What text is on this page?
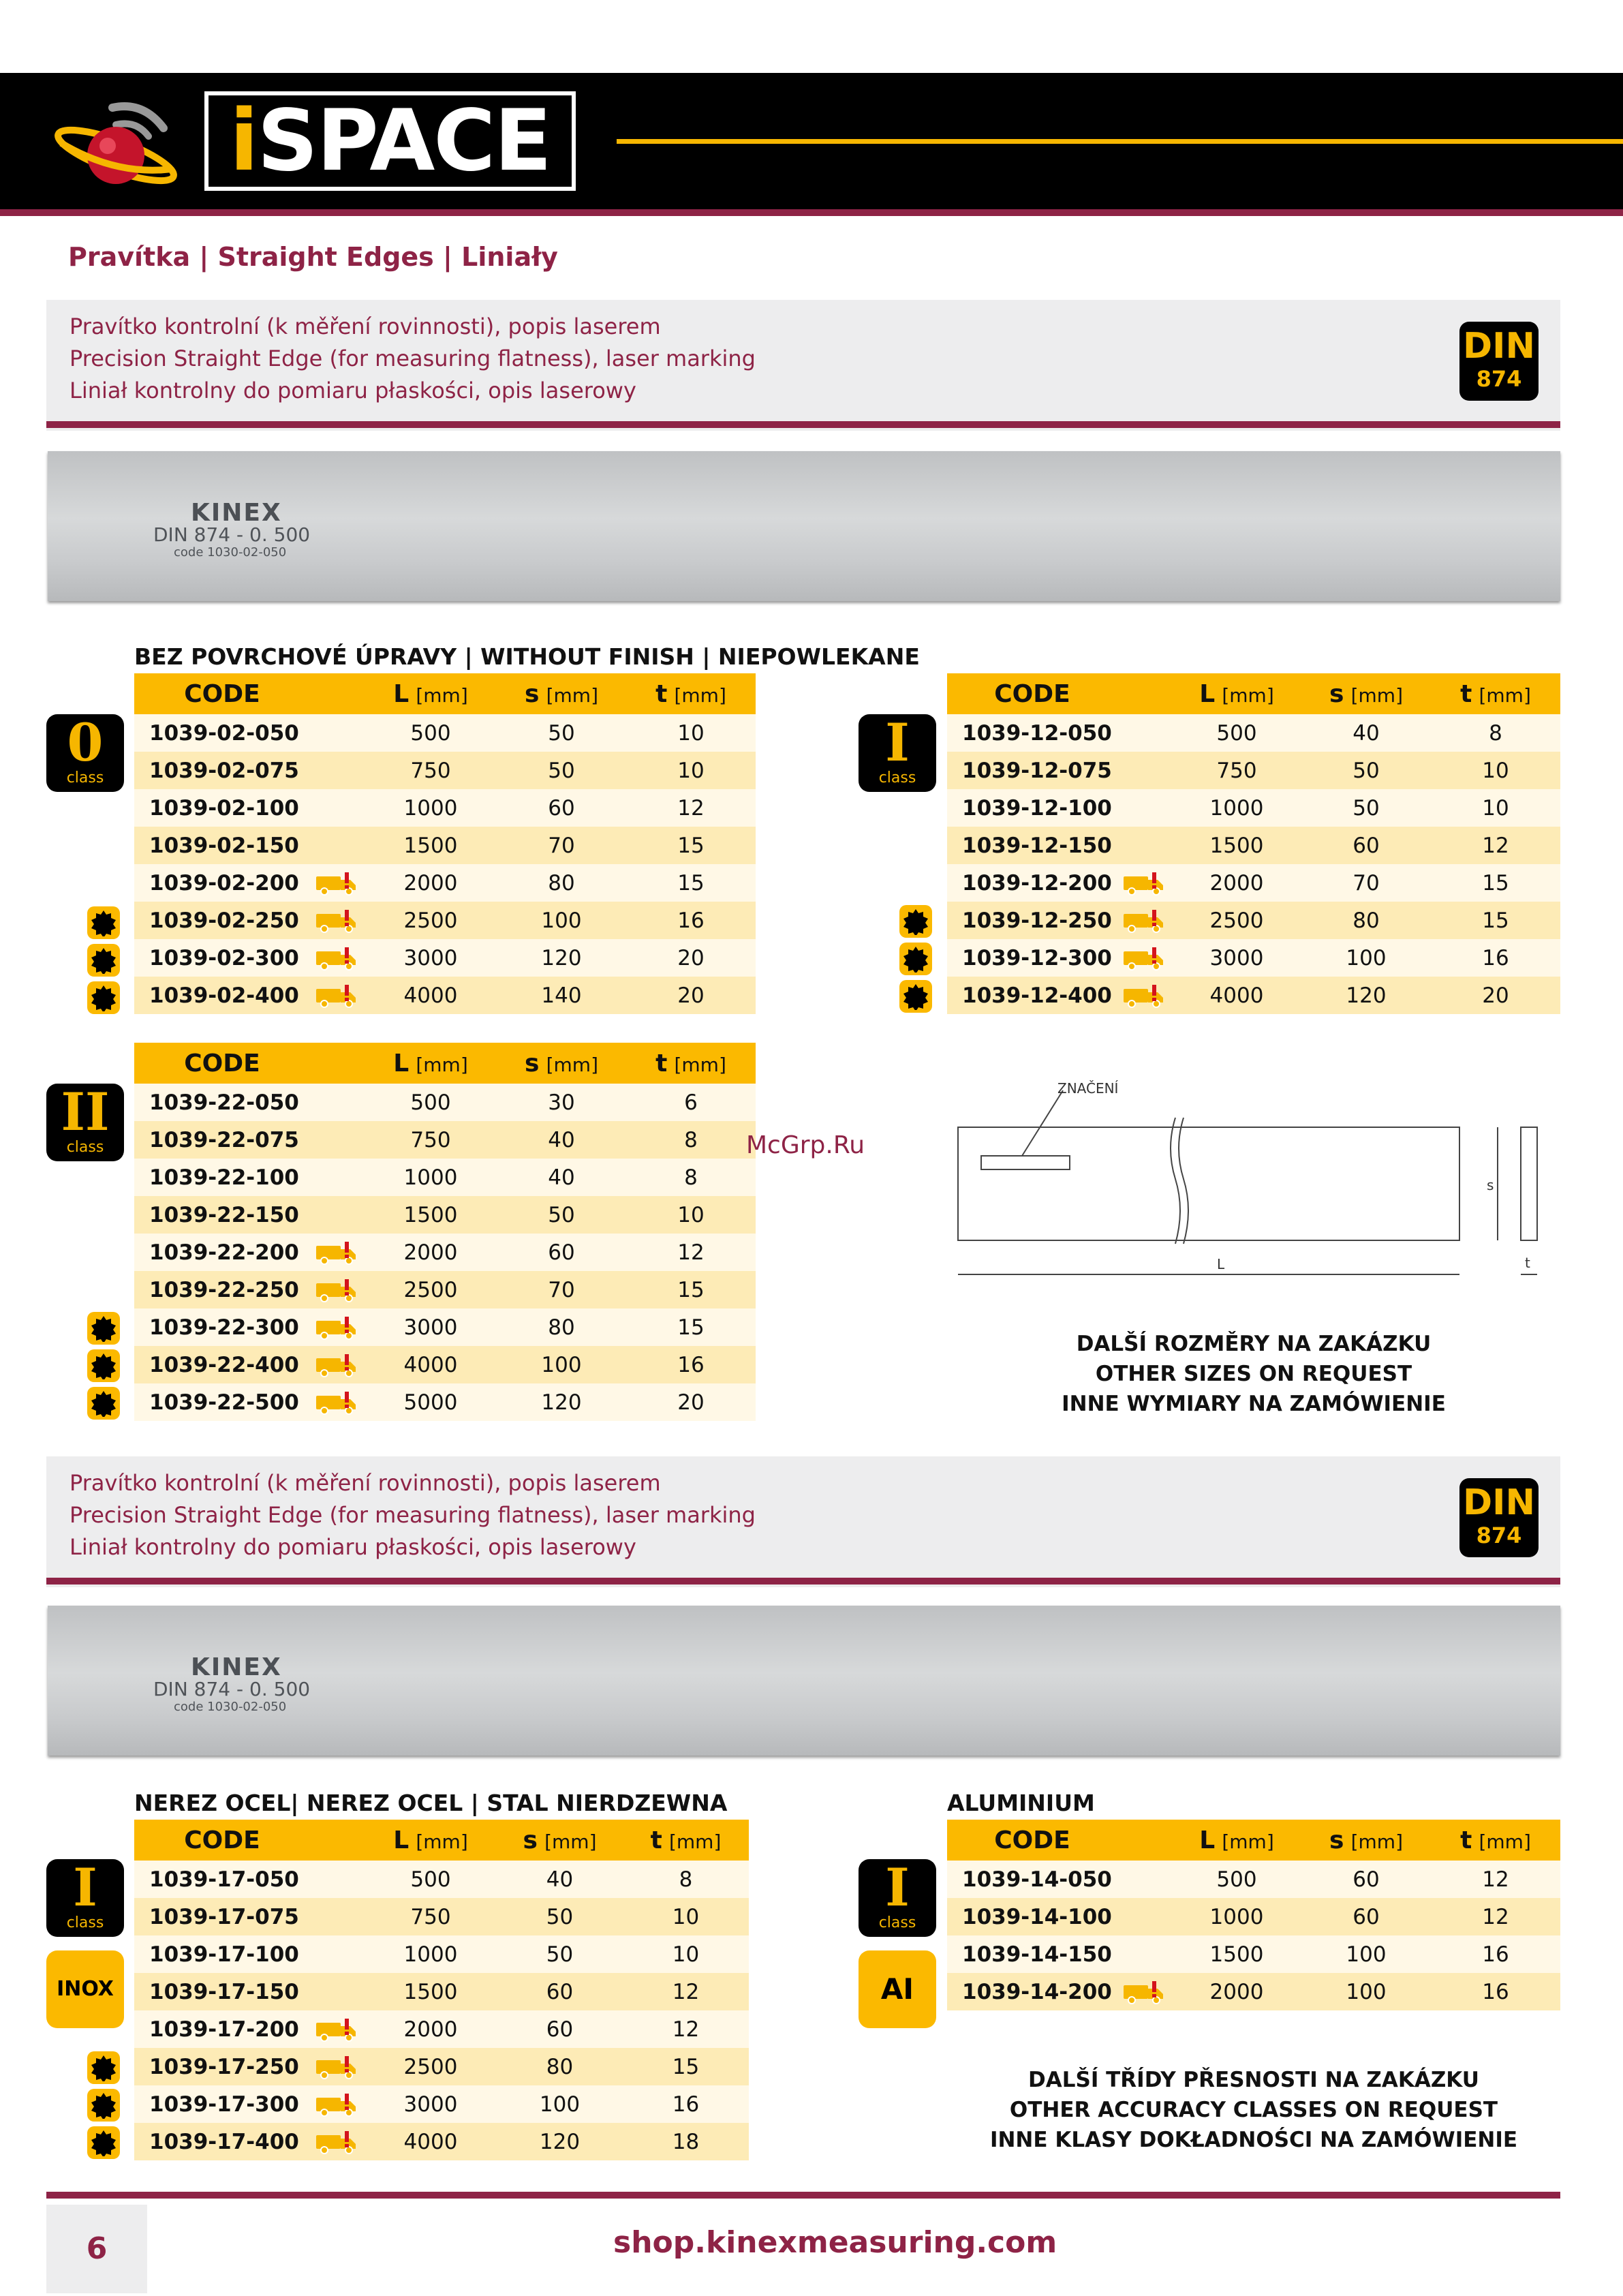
iSPACE
Pravítka | Straight Edges | Liniały
Pravítko kontrolní (k měření rovinnosti), popis laserem
Precision Straight Edge (for measuring flatness), laser marking
Liniał kontrolny do pomiaru płaskości, opis laserowy
DIN
874
KINEX
DIN 874 - 0. 500
code 1030-02-050
BEZ POVRCHOVÉ ÚPRAVY | WITHOUT FINISH | NIEPOWLEKANE
0
class
CODE		L [mm]	s [mm]	t [mm]
1039-02-050		500	50	10
1039-02-075		750	50	10
1039-02-100		1000	60	12
1039-02-150		1500	70	15
1039-02-200		2000	80	15
1039-02-250		2500	100	16
1039-02-300		3000	120	20
1039-02-400		4000	140	20
I
class
CODE		L [mm]	s [mm]	t [mm]
1039-12-050		500	40	8
1039-12-075		750	50	10
1039-12-100		1000	50	10
1039-12-150		1500	60	12
1039-12-200		2000	70	15
1039-12-250		2500	80	15
1039-12-300		3000	100	16
1039-12-400		4000	120	20
II
class
CODE		L [mm]	s [mm]	t [mm]
1039-22-050		500	30	6
1039-22-075		750	40	8
1039-22-100		1000	40	8
1039-22-150		1500	50	10
1039-22-200		2000	60	12
1039-22-250		2500	70	15
1039-22-300		3000	80	15
1039-22-400		4000	100	16
1039-22-500		5000	120	20
McGrp.Ru
ZNAČENÍ
L
s
t
DALŠÍ ROZMĚRY NA ZAKÁZKU
OTHER SIZES ON REQUEST
INNE WYMIARY NA ZAMÓWIENIE
Pravítko kontrolní (k měření rovinnosti), popis laserem
Precision Straight Edge (for measuring flatness), laser marking
Liniał kontrolny do pomiaru płaskości, opis laserowy
DIN
874
KINEX
DIN 874 - 0. 500
code 1030-02-050
NEREZ OCEL| NEREZ OCEL | STAL NIERDZEWNA
I
class
INOX
CODE		L [mm]	s [mm]	t [mm]
1039-17-050		500	40	8
1039-17-075		750	50	10
1039-17-100		1000	50	10
1039-17-150		1500	60	12
1039-17-200		2000	60	12
1039-17-250		2500	80	15
1039-17-300		3000	100	16
1039-17-400		4000	120	18
ALUMINIUM
I
class
AI
CODE		L [mm]	s [mm]	t [mm]
1039-14-050		500	60	12
1039-14-100		1000	60	12
1039-14-150		1500	100	16
1039-14-200		2000	100	16
DALŠÍ TŘÍDY PŘESNOSTI NA ZAKÁZKU
OTHER ACCURACY CLASSES ON REQUEST
INNE KLASY DOKŁADNOŚCI NA ZAMÓWIENIE
6	shop.kinexmeasuring.com
